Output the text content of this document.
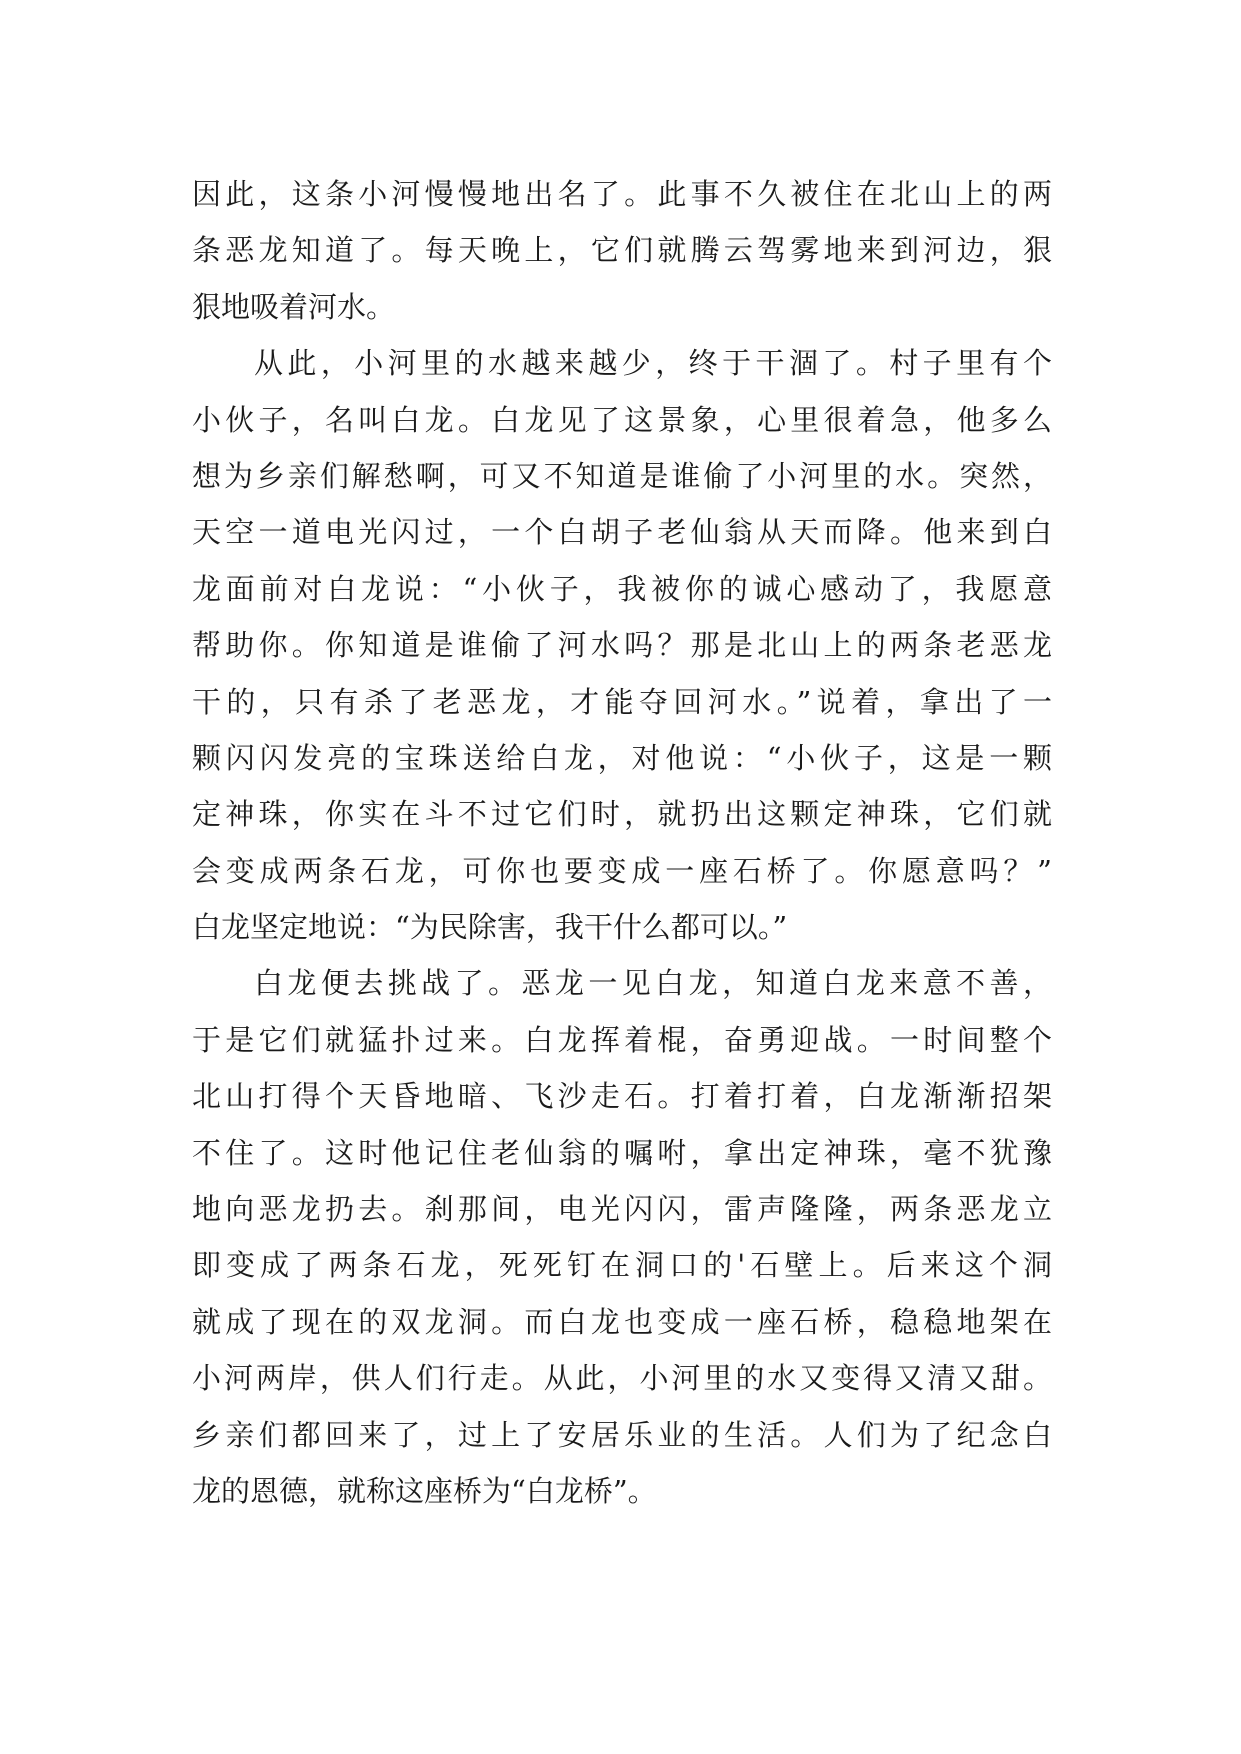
因此，这条小河慢慢地出名了。此事不久被住在北山上的两
条恶龙知道了。每天晚上，它们就腾云驾雾地来到河边，狠
狠地吸着河水。
从此，小河里的水越来越少，终于干涸了。村子里有个
小伙子，名叫白龙。白龙见了这景象，心里很着急，他多么
想为乡亲们解愁啊，可又不知道是谁偷了小河里的水。突然，
天空一道电光闪过，一个白胡子老仙翁从天而降。他来到白
龙面前对白龙说：“小伙子，我被你的诚心感动了，我愿意
帮助你。你知道是谁偷了河水吗？那是北山上的两条老恶龙
干的，只有杀了老恶龙，才能夺回河水。”说着，拿出了一
颗闪闪发亮的宝珠送给白龙，对他说：“小伙子，这是一颗
定神珠，你实在斗不过它们时，就扔出这颗定神珠，它们就
会变成两条石龙，可你也要变成一座石桥了。你愿意吗？”
白龙坚定地说：“为民除害，我干什么都可以。”
白龙便去挑战了。恶龙一见白龙，知道白龙来意不善，
于是它们就猛扑过来。白龙挥着棍，奋勇迎战。一时间整个
北山打得个天昏地暗、飞沙走石。打着打着，白龙渐渐招架
不住了。这时他记住老仙翁的嘱咐，拿出定神珠，毫不犹豫
地向恶龙扔去。刹那间，电光闪闪，雷声隆隆，两条恶龙立
即变成了两条石龙，死死钉在洞口的'石壁上。后来这个洞
就成了现在的双龙洞。而白龙也变成一座石桥，稳稳地架在
小河两岸，供人们行走。从此，小河里的水又变得又清又甜。
乡亲们都回来了，过上了安居乐业的生活。人们为了纪念白
龙的恩德，就称这座桥为“白龙桥”。
